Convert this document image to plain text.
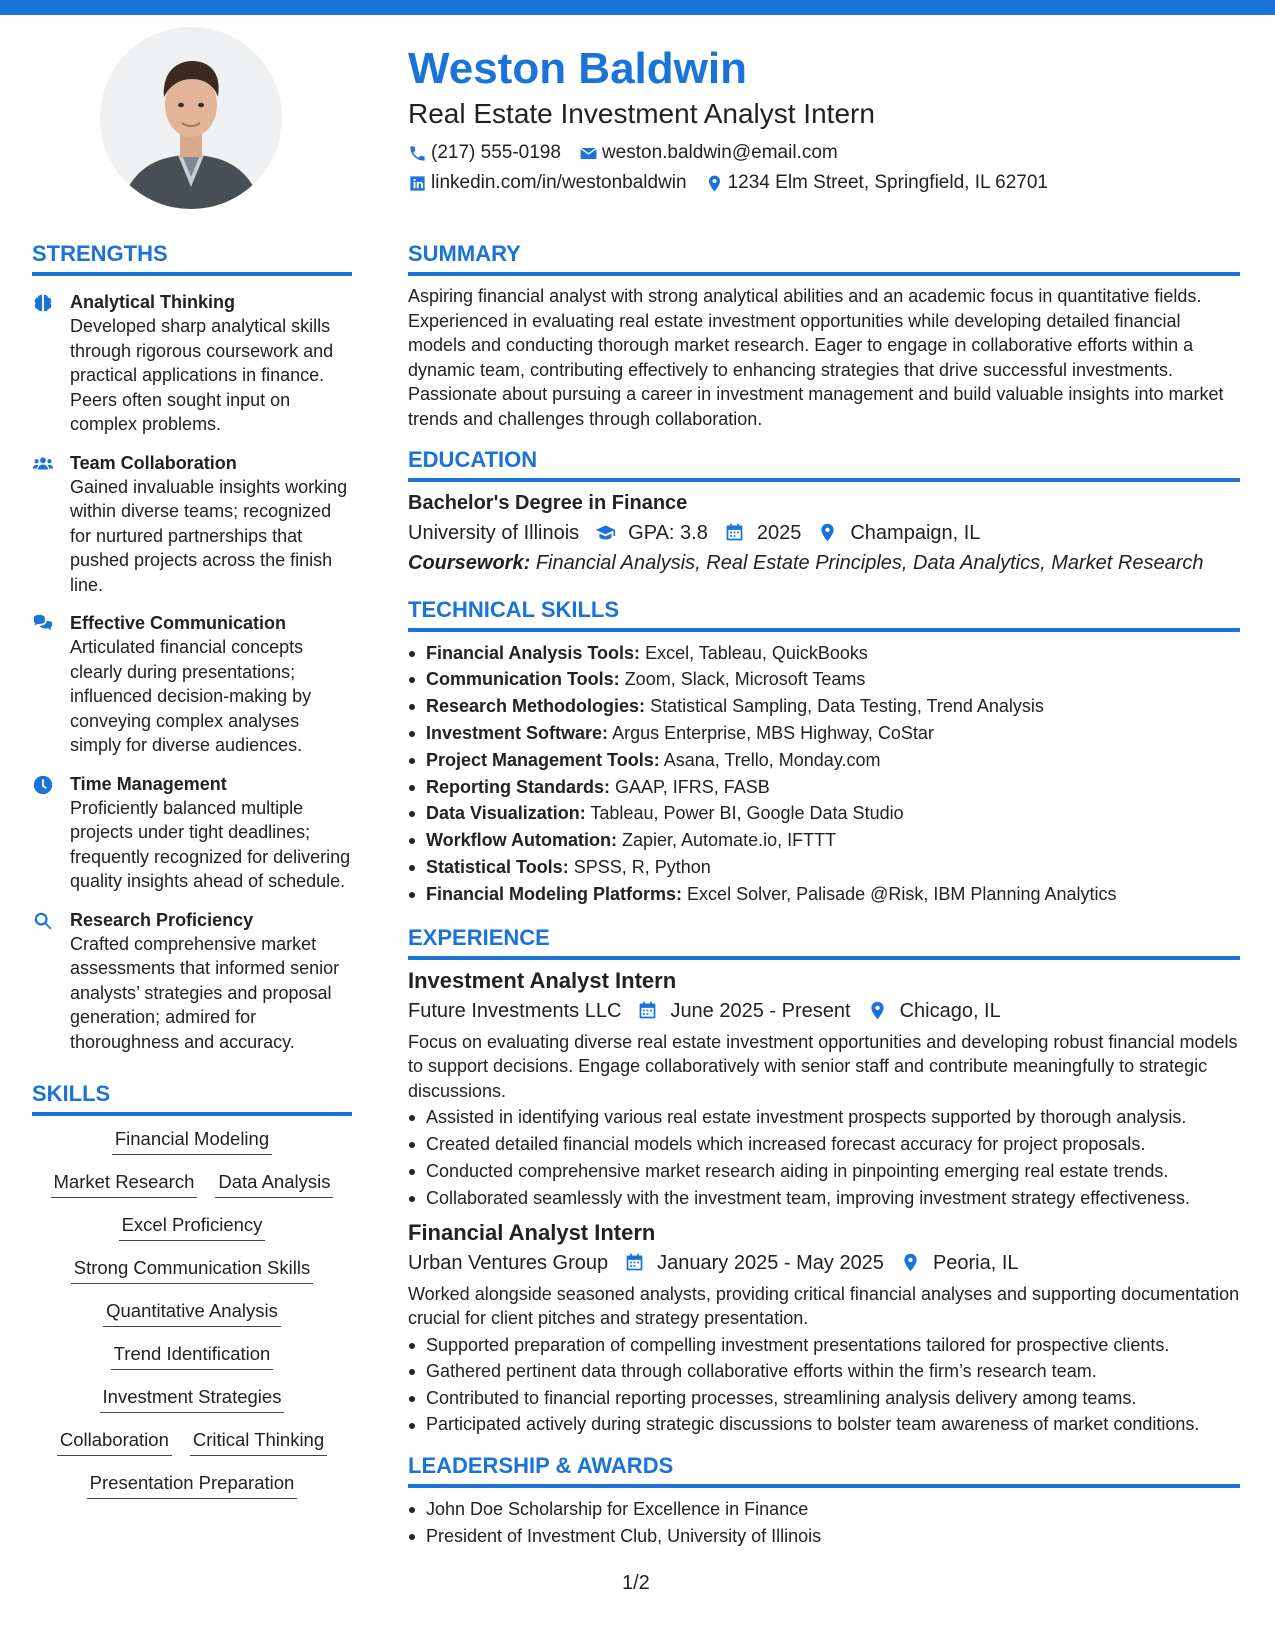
Weston Baldwin
Real Estate Investment Analyst Intern
(217) 555-0198 weston.baldwin@email.com
linkedin.com/in/westonbaldwin 1234 Elm Street, Springfield, IL 62701
STRENGTHS
Analytical Thinking
Developed sharp analytical skills through rigorous coursework and practical applications in finance. Peers often sought input on complex problems.
Team Collaboration
Gained invaluable insights working within diverse teams; recognized for nurtured partnerships that pushed projects across the finish line.
Effective Communication
Articulated financial concepts clearly during presentations; influenced decision-making by conveying complex analyses simply for diverse audiences.
Time Management
Proficiently balanced multiple projects under tight deadlines; frequently recognized for delivering quality insights ahead of schedule.
Research Proficiency
Crafted comprehensive market assessments that informed senior analysts’ strategies and proposal generation; admired for thoroughness and accuracy.
SKILLS
Financial Modeling
Market Research Data Analysis
Excel Proficiency
Strong Communication Skills
Quantitative Analysis
Trend Identification
Investment Strategies
Collaboration Critical Thinking
Presentation Preparation
SUMMARY
Aspiring financial analyst with strong analytical abilities and an academic focus in quantitative fields. Experienced in evaluating real estate investment opportunities while developing detailed financial models and conducting thorough market research. Eager to engage in collaborative efforts within a dynamic team, contributing effectively to enhancing strategies that drive successful investments. Passionate about pursuing a career in investment management and build valuable insights into market trends and challenges through collaboration.
EDUCATION
Bachelor's Degree in Finance
University of Illinois GPA: 3.8 2025 Champaign, IL
Coursework: Financial Analysis, Real Estate Principles, Data Analytics, Market Research
TECHNICAL SKILLS
Financial Analysis Tools: Excel, Tableau, QuickBooks
Communication Tools: Zoom, Slack, Microsoft Teams
Research Methodologies: Statistical Sampling, Data Testing, Trend Analysis
Investment Software: Argus Enterprise, MBS Highway, CoStar
Project Management Tools: Asana, Trello, Monday.com
Reporting Standards: GAAP, IFRS, FASB
Data Visualization: Tableau, Power BI, Google Data Studio
Workflow Automation: Zapier, Automate.io, IFTTT
Statistical Tools: SPSS, R, Python
Financial Modeling Platforms: Excel Solver, Palisade @Risk, IBM Planning Analytics
EXPERIENCE
Investment Analyst Intern
Future Investments LLC June 2025 - Present Chicago, IL
Focus on evaluating diverse real estate investment opportunities and developing robust financial models to support decisions. Engage collaboratively with senior staff and contribute meaningfully to strategic discussions.
Assisted in identifying various real estate investment prospects supported by thorough analysis.
Created detailed financial models which increased forecast accuracy for project proposals.
Conducted comprehensive market research aiding in pinpointing emerging real estate trends.
Collaborated seamlessly with the investment team, improving investment strategy effectiveness.
Financial Analyst Intern
Urban Ventures Group January 2025 - May 2025 Peoria, IL
Worked alongside seasoned analysts, providing critical financial analyses and supporting documentation crucial for client pitches and strategy presentation.
Supported preparation of compelling investment presentations tailored for prospective clients.
Gathered pertinent data through collaborative efforts within the firm’s research team.
Contributed to financial reporting processes, streamlining analysis delivery among teams.
Participated actively during strategic discussions to bolster team awareness of market conditions.
LEADERSHIP & AWARDS
John Doe Scholarship for Excellence in Finance
President of Investment Club, University of Illinois
1/2
